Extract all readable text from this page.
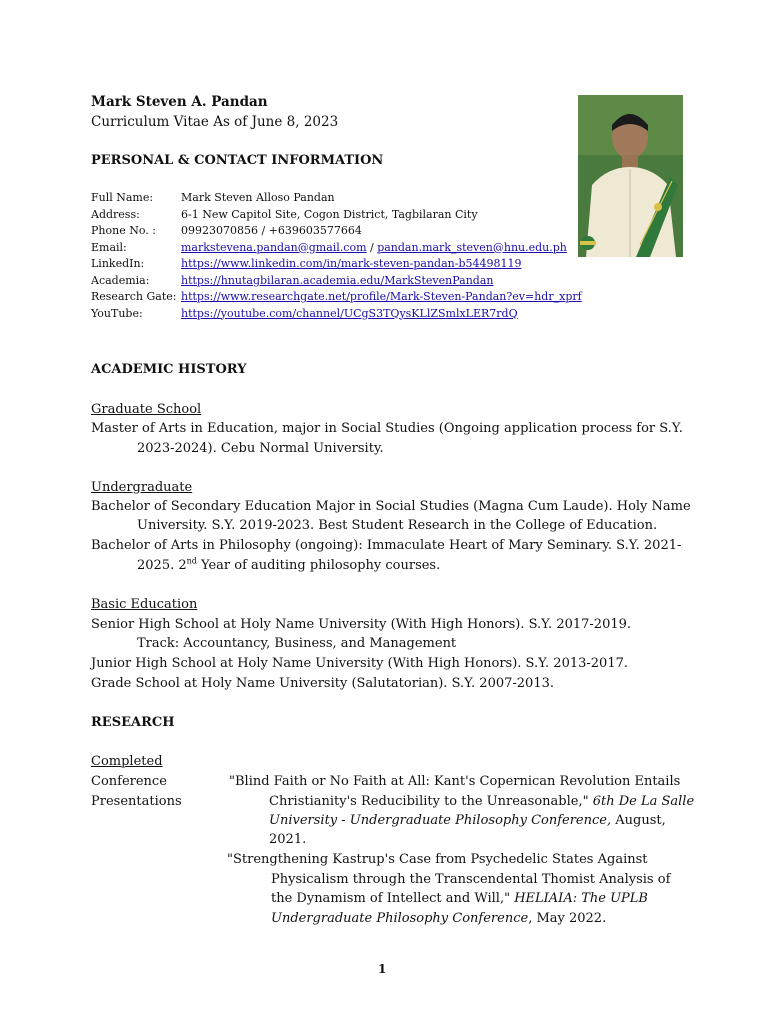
Mark Steven A. Pandan
Curriculum Vitae As of June 8, 2023
PERSONAL & CONTACT INFORMATION
Full Name:	Mark Steven Alloso Pandan
Address:	6-1 New Capitol Site, Cogon District, Tagbilaran City
Phone No. :	09923070856 / +639603577664
Email:	markstevena.pandan@gmail.com / pandan.mark_steven@hnu.edu.ph
LinkedIn:	https://www.linkedin.com/in/mark-steven-pandan-b54498119
Academia:	https://hnutagbilaran.academia.edu/MarkStevenPandan
Research Gate: https://www.researchgate.net/profile/Mark-Steven-Pandan?ev=hdr_xprf
YouTube:	https://youtube.com/channel/UCgS3TQysKLlZSmlxLER7rdQ
ACADEMIC HISTORY
Graduate School
Master of Arts in Education, major in Social Studies (Ongoing application process for S.Y.
2023-2024). Cebu Normal University.
Undergraduate
Bachelor of Secondary Education Major in Social Studies (Magna Cum Laude). Holy Name
University. S.Y. 2019-2023. Best Student Research in the College of Education.
Bachelor of Arts in Philosophy (ongoing): Immaculate Heart of Mary Seminary. S.Y. 2021-
2025. 2nd Year of auditing philosophy courses.
Basic Education
Senior High School at Holy Name University (With High Honors). S.Y. 2017-2019.
Track: Accountancy, Business, and Management
Junior High School at Holy Name University (With High Honors). S.Y. 2013-2017.
Grade School at Holy Name University (Salutatorian). S.Y. 2007-2013.
RESEARCH
Completed
Conference
Presentations
"Blind Faith or No Faith at All: Kant's Copernican Revolution Entails
Christianity's Reducibility to the Unreasonable," 6th De La Salle
University - Undergraduate Philosophy Conference, August,
2021.
"Strengthening Kastrup's Case from Psychedelic States Against
Physicalism through the Transcendental Thomist Analysis of
the Dynamism of Intellect and Will," HELIAIA: The UPLB
Undergraduate Philosophy Conference, May 2022.
1
